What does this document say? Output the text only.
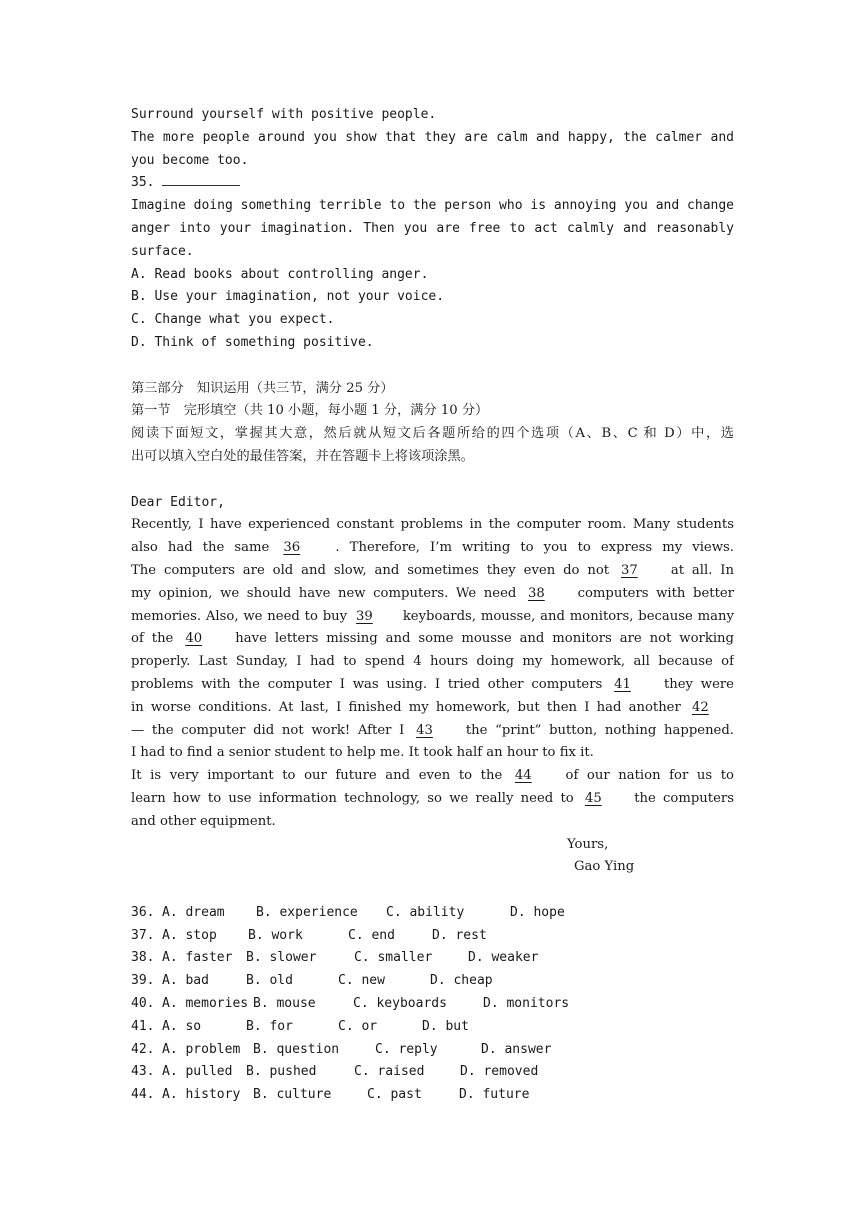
Surround yourself with positive people.
The more people around you show that they are calm and happy, the calmer and
you become too.
35.
Imagine doing something terrible to the person who is annoying you and change
anger into your imagination. Then you are free to act calmly and reasonably
surface.
A. Read books about controlling anger.
B. Use your imagination, not your voice.
C. Change what you expect.
D. Think of something positive.
第三部分　知识运用（共三节，满分 25 分）
第一节　完形填空（共 10 小题，每小题 1 分，满分 10 分）
阅读下面短文，掌握其大意，然后就从短文后各题所给的四个选项（A、B、C 和 D）中，选
出可以填入空白处的最佳答案，并在答题卡上将该项涂黑。
Dear Editor,
Recently, I have experienced constant problems in the computer room. Many students
also had the same 36	. Therefore, I’m writing to you to express my views.
The computers are old and slow, and sometimes they even do not 37	at all. In
my opinion, we should have new computers. We need 38 computers with better
memories. Also, we need to buy 39 keyboards, mousse, and monitors, because many
of the 40	have letters missing and some mousse and monitors are not working
properly. Last Sunday, I had to spend 4 hours doing my homework, all because of
problems with the computer I was using. I tried other computers 41	they were
in worse conditions. At last, I finished my homework, but then I had another 42
— the computer did not work! After I 43 the “print” button, nothing happened.
I had to find a senior student to help me. It took half an hour to fix it.
It is very important to our future and even to the 44	of our nation for us to
learn how to use information technology, so we really need to 45 the computers
and other equipment.
Yours,
Gao Ying
36. A. dream B. experience C. ability	D. hope
37. A. stop B. work	C. end	D. rest
38. A. faster B. slower	C. smaller	D. weaker
39. A. bad	B. old	C. new	D. cheap
40. A. memories B. mouse	C. keyboards	D. monitors
41. A. so	B. for	C. or	D. but
42. A. problem B. question	C. reply	D. answer
43. A. pulled B. pushed	C. raised	D. removed
44. A. history B. culture	C. past	D. future
